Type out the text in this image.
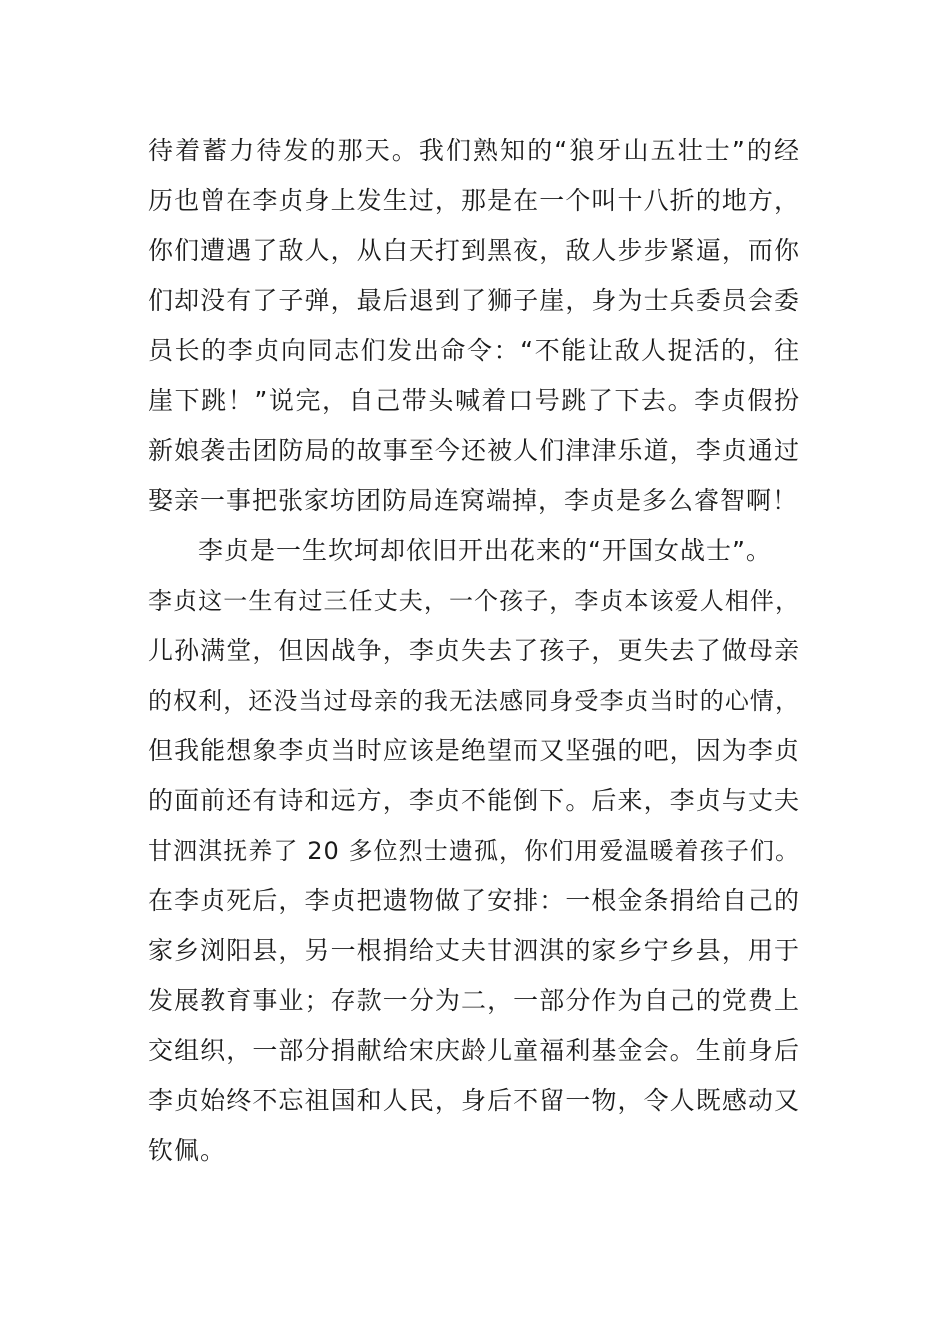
待着蓄力待发的那天。我们熟知的“狼牙山五壮士”的经
历也曾在李贞身上发生过，那是在一个叫十八折的地方，
你们遭遇了敌人，从白天打到黑夜，敌人步步紧逼，而你
们却没有了子弹，最后退到了狮子崖，身为士兵委员会委
员长的李贞向同志们发出命令：“不能让敌人捉活的，往
崖下跳！”说完，自己带头喊着口号跳了下去。李贞假扮
新娘袭击团防局的故事至今还被人们津津乐道，李贞通过
娶亲一事把张家坊团防局连窝端掉，李贞是多么睿智啊！
李贞是一生坎坷却依旧开出花来的“开国女战士”。
李贞这一生有过三任丈夫，一个孩子，李贞本该爱人相伴，
儿孙满堂，但因战争，李贞失去了孩子，更失去了做母亲
的权利，还没当过母亲的我无法感同身受李贞当时的心情，
但我能想象李贞当时应该是绝望而又坚强的吧，因为李贞
的面前还有诗和远方，李贞不能倒下。后来，李贞与丈夫
甘泗淇抚养了 20 多位烈士遗孤，你们用爱温暖着孩子们。
在李贞死后，李贞把遗物做了安排：一根金条捐给自己的
家乡浏阳县，另一根捐给丈夫甘泗淇的家乡宁乡县，用于
发展教育事业；存款一分为二，一部分作为自己的党费上
交组织，一部分捐献给宋庆龄儿童福利基金会。生前身后
李贞始终不忘祖国和人民，身后不留一物，令人既感动又
钦佩。
